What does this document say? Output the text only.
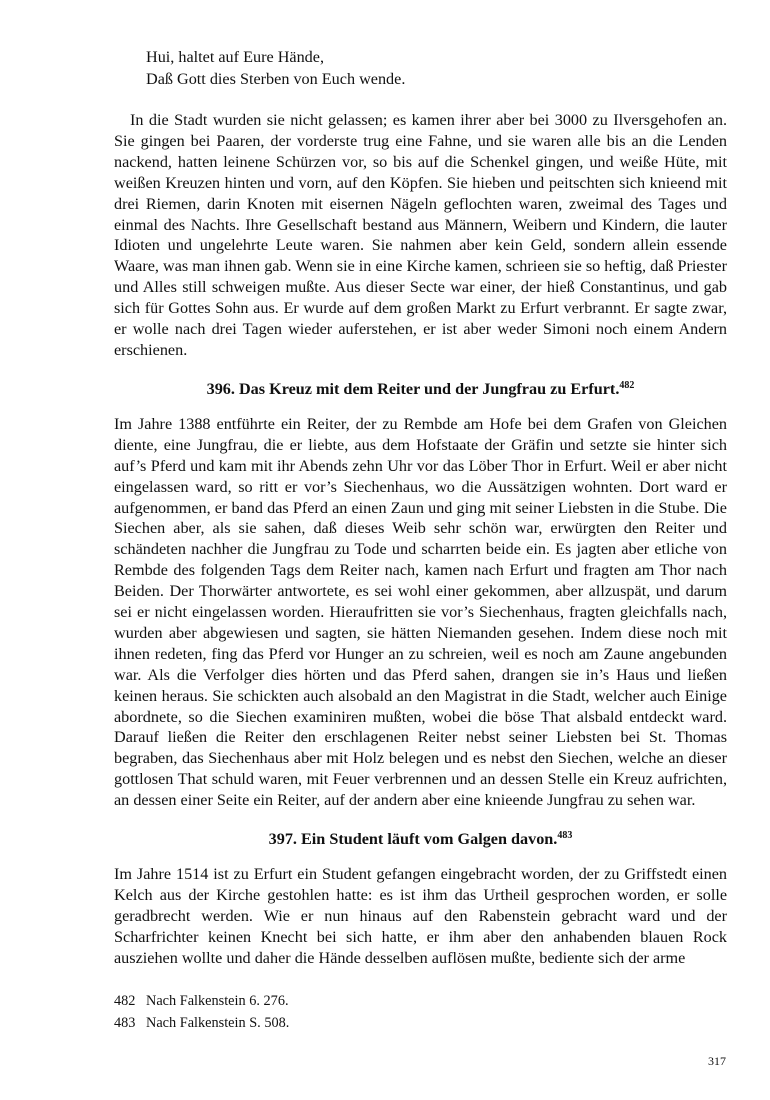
Hui, haltet auf Eure Hände,
Daß Gott dies Sterben von Euch wende.

In die Stadt wurden sie nicht gelassen; es kamen ihrer aber bei 3000 zu Ilversgehofen an. Sie gingen bei Paaren, der vorderste trug eine Fahne, und sie waren alle bis an die Lenden nackend, hatten leinene Schürzen vor, so bis auf die Schenkel gingen, und weiße Hüte, mit weißen Kreuzen hinten und vorn, auf den Köpfen. Sie hieben und peitschten sich knieend mit drei Riemen, darin Knoten mit eisernen Nägeln geflochten waren, zweimal des Tages und einmal des Nachts. Ihre Gesellschaft bestand aus Männern, Weibern und Kindern, die lauter Idioten und ungelehrte Leute waren. Sie nahmen aber kein Geld, sondern allein essende Waare, was man ihnen gab. Wenn sie in eine Kirche kamen, schrieen sie so heftig, daß Priester und Alles still schweigen mußte. Aus dieser Secte war einer, der hieß Constantinus, und gab sich für Gottes Sohn aus. Er wurde auf dem großen Markt zu Erfurt verbrannt. Er sagte zwar, er wolle nach drei Tagen wieder auferstehen, er ist aber weder Simoni noch einem Andern erschienen.

396. Das Kreuz mit dem Reiter und der Jungfrau zu Erfurt.$^{482}$

Im Jahre 1388 entführte ein Reiter, der zu Rembde am Hofe bei dem Grafen von Gleichen diente, eine Jungfrau, die er liebte, aus dem Hofstaate der Gräfin und setzte sie hinter sich auf’s Pferd und kam mit ihr Abends zehn Uhr vor das Löber Thor in Erfurt. Weil er aber nicht eingelassen ward, so ritt er vor’s Siechenhaus, wo die Aussätzigen wohnten. Dort ward er aufgenommen, er band das Pferd an einen Zaun und ging mit seiner Liebsten in die Stube. Die Siechen aber, als sie sahen, daß dieses Weib sehr schön war, erwürgten den Reiter und schändeten nachher die Jungfrau zu Tode und scharrten beide ein. Es jagten aber etliche von Rembde des folgenden Tags dem Reiter nach, kamen nach Erfurt und fragten am Thor nach Beiden. Der Thorwärter antwortete, es sei wohl einer gekommen, aber allzuspät, und darum sei er nicht eingelassen worden. Hieraufritten sie vor’s Siechenhaus, fragten gleichfalls nach, wurden aber abgewiesen und sagten, sie hätten Niemanden gesehen. Indem diese noch mit ihnen redeten, fing das Pferd vor Hunger an zu schreien, weil es noch am Zaune angebunden war. Als die Verfolger dies hörten und das Pferd sahen, drangen sie in’s Haus und ließen keinen heraus. Sie schickten auch alsobald an den Magistrat in die Stadt, welcher auch Einige abordnete, so die Siechen examiniren mußten, wobei die böse That alsbald entdeckt ward. Darauf ließen die Reiter den erschlagenen Reiter nebst seiner Liebsten bei St. Thomas begraben, das Siechenhaus aber mit Holz belegen und es nebst den Siechen, welche an dieser gottlosen That schuld waren, mit Feuer verbrennen und an dessen Stelle ein Kreuz aufrichten, an dessen einer Seite ein Reiter, auf der andern aber eine knieende Jungfrau zu sehen war.

397. Ein Student läuft vom Galgen davon.$^{483}$

Im Jahre 1514 ist zu Erfurt ein Student gefangen eingebracht worden, der zu Griffstedt einen Kelch aus der Kirche gestohlen hatte: es ist ihm das Urtheil gesprochen worden, er solle geradbrecht werden. Wie er nun hinaus auf den Rabenstein gebracht ward und der Scharfrichter keinen Knecht bei sich hatte, er ihm aber den anhabenden blauen Rock ausziehen wollte und daher die Hände desselben auflösen mußte, bediente sich der arme

482 Nach Falkenstein 6. 276.
483 Nach Falkenstein S. 508.
317
